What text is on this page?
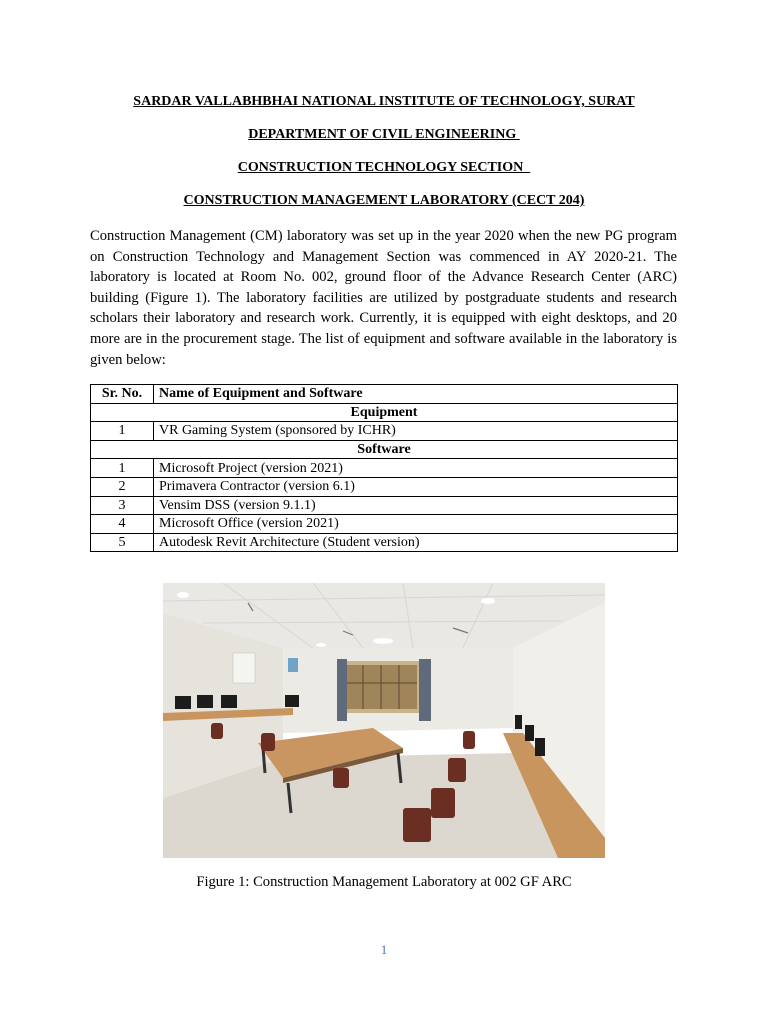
SARDAR VALLABHBHAI NATIONAL INSTITUTE OF TECHNOLOGY, SURAT
DEPARTMENT OF CIVIL ENGINEERING
CONSTRUCTION TECHNOLOGY SECTION
CONSTRUCTION MANAGEMENT LABORATORY (CECT 204)

Construction Management (CM) laboratory was set up in the year 2020 when the new PG program on Construction Technology and Management Section was commenced in AY 2020-21. The laboratory is located at Room No. 002, ground floor of the Advance Research Center (ARC) building (Figure 1). The laboratory facilities are utilized by postgraduate students and research scholars their laboratory and research work. Currently, it is equipped with eight desktops, and 20 more are in the procurement stage. The list of equipment and software available in the laboratory is given below:

Sr. No.	Name of Equipment and Software
Equipment	
1	VR Gaming System (sponsored by ICHR)
Software	
1	Microsoft Project (version 2021)
2	Primavera Contractor (version 6.1)
3	Vensim DSS (version 9.1.1)
4	Microsoft Office (version 2021)
5	Autodesk Revit Architecture (Student version)
Figure 1: Construction Management Laboratory at 002 GF ARC
1
